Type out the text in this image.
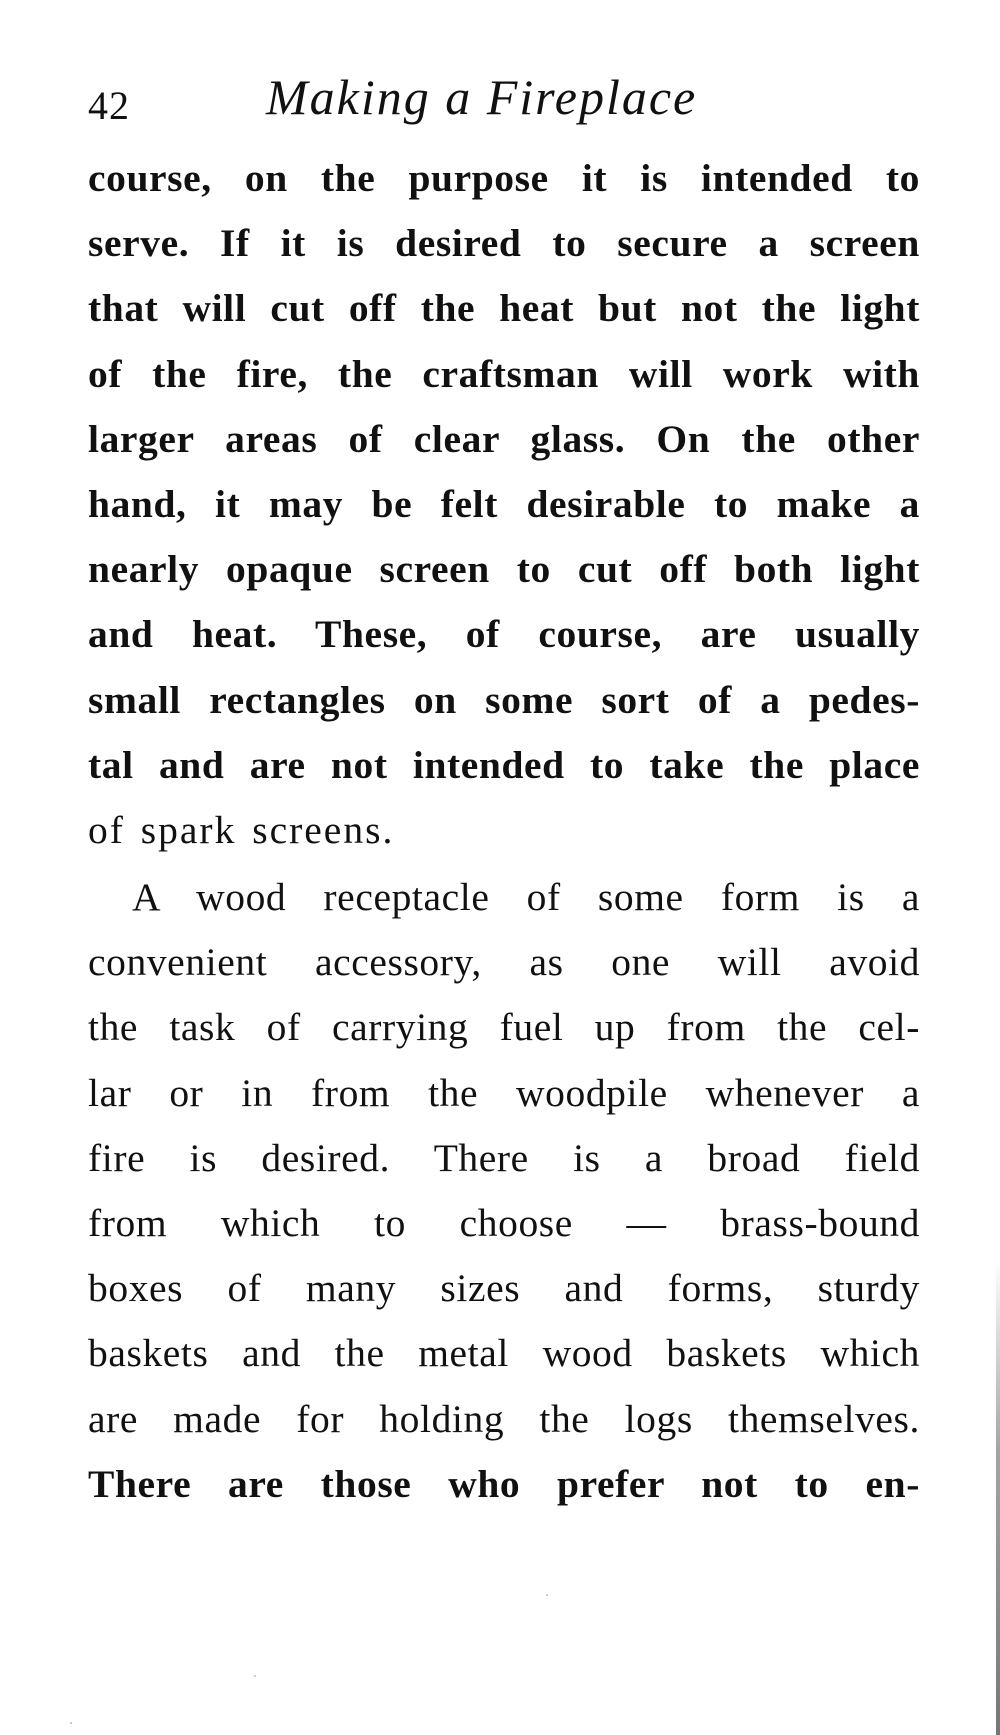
42	Making a Fireplace
course, on the purpose it is intended to
serve. If it is desired to secure a screen
that will cut off the heat but not the light
of the fire, the craftsman will work with
larger areas of clear glass. On the other
hand, it may be felt desirable to make a
nearly opaque screen to cut off both light
and heat. These, of course, are usually
small rectangles on some sort of a pedes-
tal and are not intended to take the place
of spark screens.
A wood receptacle of some form is a
convenient accessory, as one will avoid
the task of carrying fuel up from the cel-
lar or in from the woodpile whenever a
fire is desired. There is a broad field
from which to choose — brass-bound
boxes of many sizes and forms, sturdy
baskets and the metal wood baskets which
are made for holding the logs themselves.
There are those who prefer not to en-
